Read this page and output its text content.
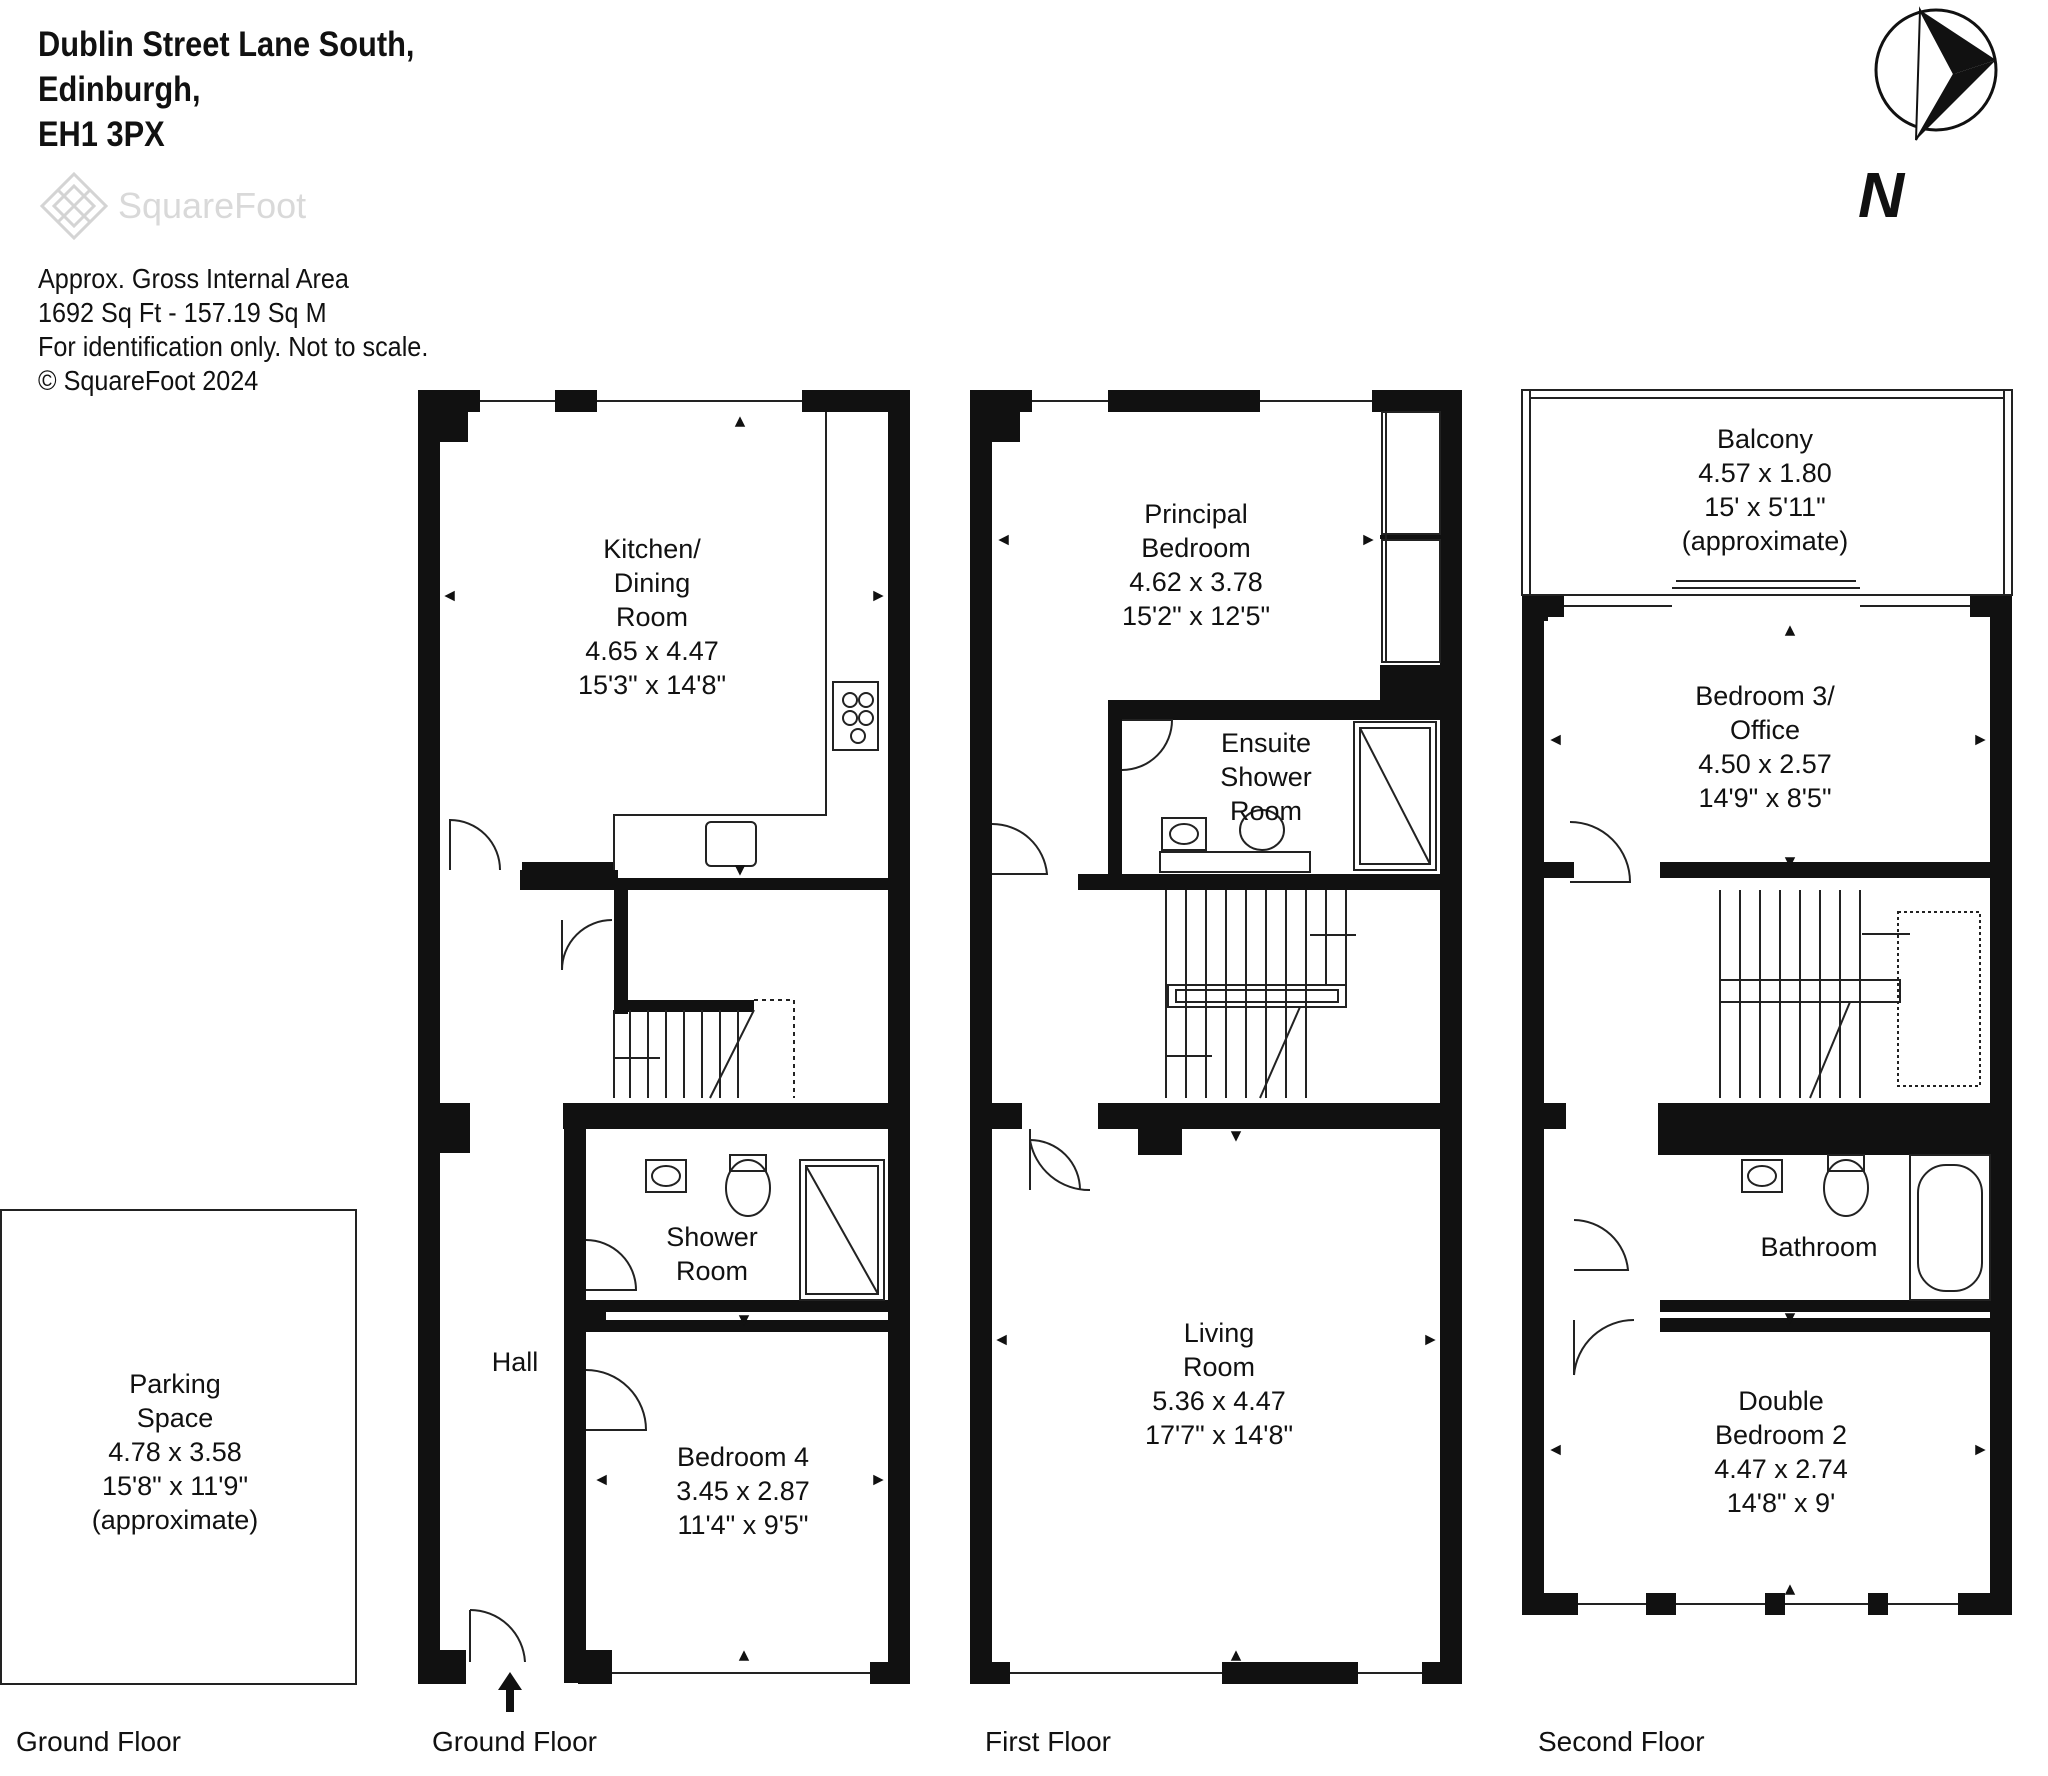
Dublin Street Lane South,
Edinburgh,
EH1 3PX
SquareFoot
Approx. Gross Internal Area
1692 Sq Ft - 157.19 Sq M
For identification only. Not to scale.
© SquareFoot 2024
N
Kitchen/
Dining
Room
4.65 x 4.47
15'3" x 14'8"
Shower
Room
Hall
Bedroom 4
3.45 x 2.87
11'4" x 9'5"
Parking
Space
4.78 x 3.58
15'8" x 11'9"
(approximate)
Principal
Bedroom
4.62 x 3.78
15'2" x 12'5"
Ensuite
Shower
Room
Living
Room
5.36 x 4.47
17'7" x 14'8"
Balcony
4.57 x 1.80
15' x 5'11"
(approximate)
Bedroom 3/
Office
4.50 x 2.57
14'9" x 8'5"
Bathroom
Double
Bedroom 2
4.47 x 2.74
14'8" x 9'
Ground Floor	Ground Floor	First Floor	Second Floor
